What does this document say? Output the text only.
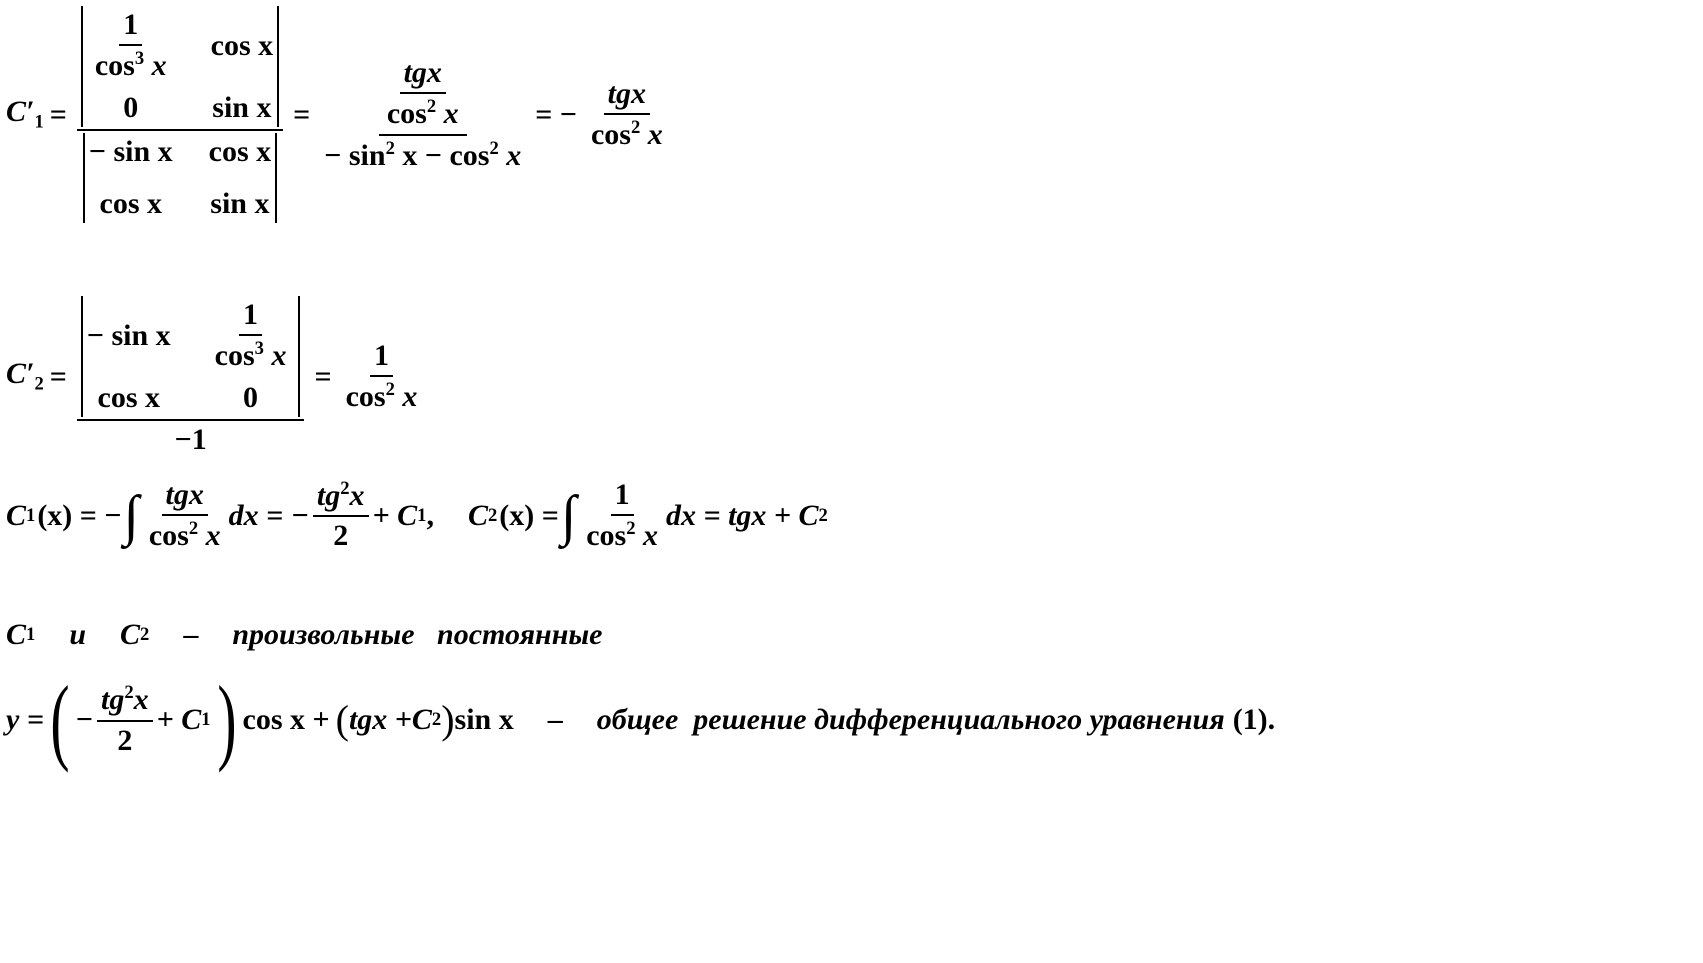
$C'_1$ =
$\frac{1}{\cos^3 x}$ cos x
0 sin x
− sin x cos x
cos x sin x
= $\frac{\frac{\text{tgx}}{\cos^2 x}}{- \sin^2 x - \cos^2 x}$ = − $\frac{\text{tgx}}{\cos^2 x}$
$C'_2$ =
− sin x $\frac{1}{\cos^3 x}$
cos x	0
−1
= $\frac{1}{\cos^2 x}$
C 1 (x) = − ∫ $\frac{\text{tgx}}{\cos^2 x}$ dx = − $\frac{tg^2x}{2} + C$ 1 , C 2 (x) = ∫ $\frac{1}{\cos^2 x}$ dx = tgx + C 2
C 1 и C 2 – произвольные   постоянные
y = ( − $\frac{tg^2x}{2} + C$ 1 ) cos x + ( tgx +C 2 ) sin x – общее  решение дифференциального уравнения (1).
